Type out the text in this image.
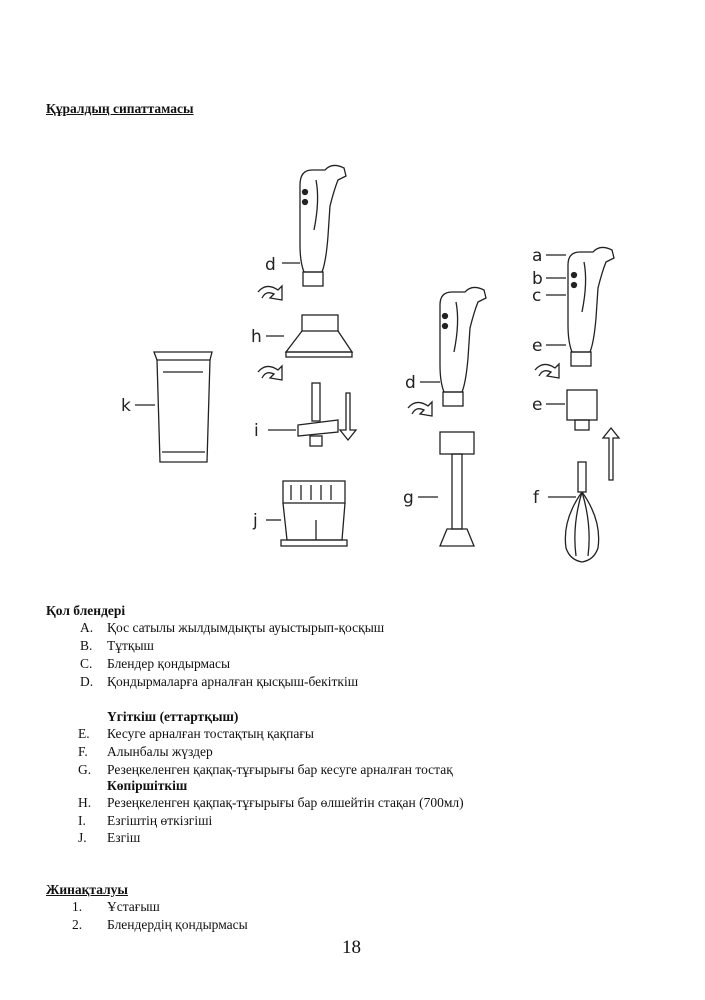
Құралдың сипаттамасы
d
h
i
j
k
d
g
a
b
c
e
e
f
Қол блендері
A. Қос сатылы жылдымдықты ауыстырып-қосқыш
B. Тұтқыш
C. Блендер қондырмасы
D. Қондырмаларға арналған қысқыш-бекіткіш
Үгіткіш (еттартқыш)
E. Кесуге арналған тостақтың қақпағы
F. Алынбалы жүздер
G. Резеңкеленген қақпақ-тұғырығы бар кесуге арналған тостақ
Көпіршіткіш
H. Резеңкеленген қақпақ-тұғырығы бар өлшейтін стақан (700мл)
I. Езгіштің өткізгіші
J. Езгіш
Жинақталуы
1. Ұстағыш
2. Блендердің қондырмасы
18
